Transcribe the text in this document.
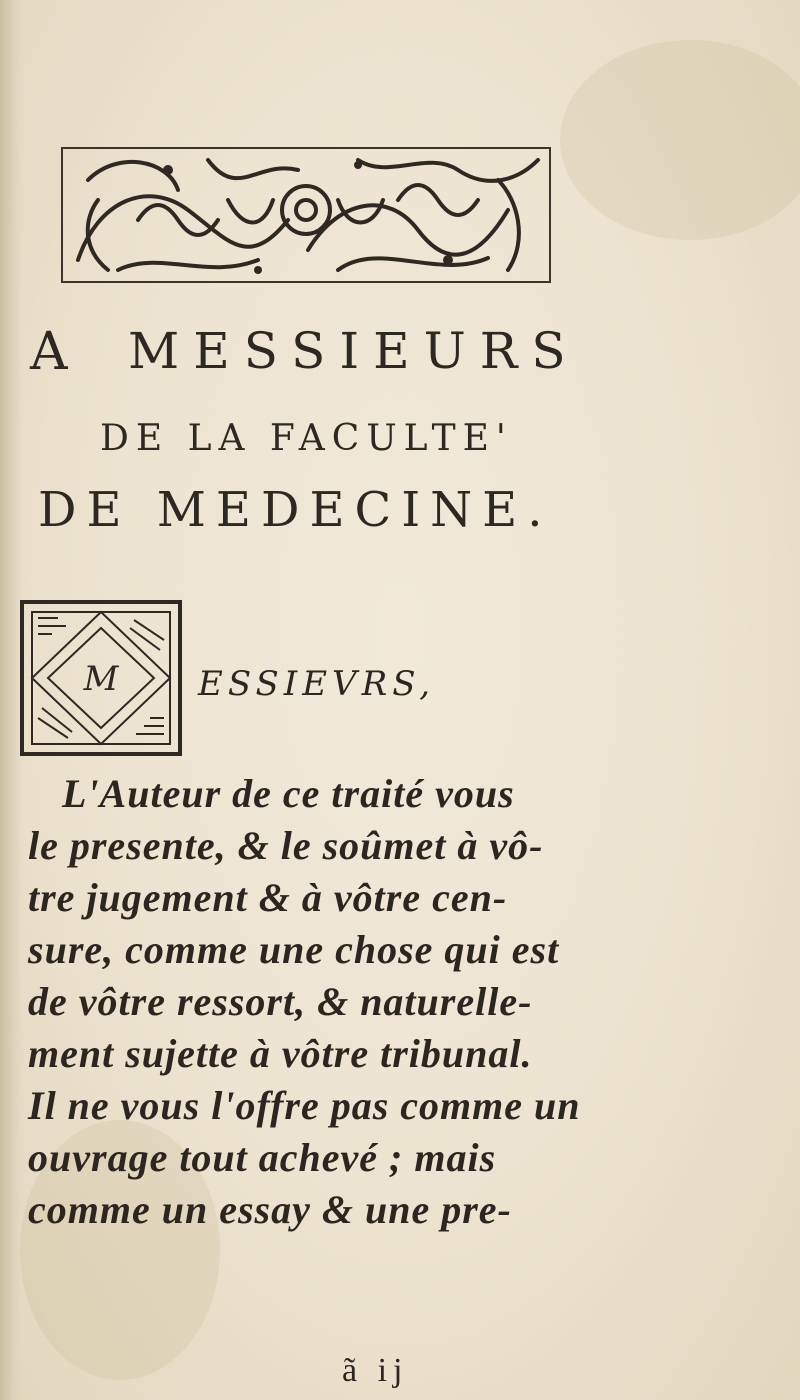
A MESSIEURS
DE LA FACULTE'
DE MEDECINE.
M ESSIEVRS,
L'Auteur de ce traité vous
le presente, & le soûmet à vô-
tre jugement & à vôtre cen-
sure, comme une chose qui est
de vôtre ressort, & naturelle-
ment sujette à vôtre tribunal.
Il ne vous l'offre pas comme un
ouvrage tout achevé ; mais
comme un essay & une pre-
ã ij
